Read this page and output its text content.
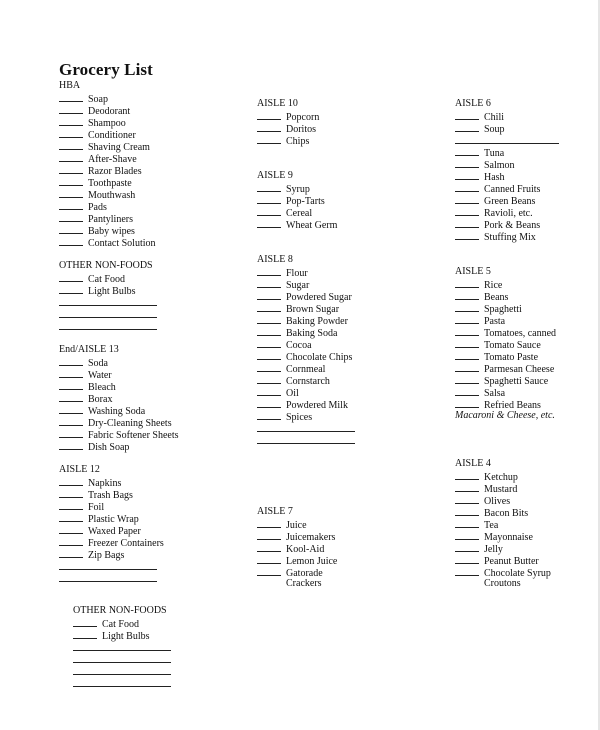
Grocery List
HBA
Soap
Deodorant
Shampoo
Conditioner
Shaving Cream
After-Shave
Razor Blades
Toothpaste
Mouthwash
Pads
Pantyliners
Baby wipes
Contact Solution
OTHER NON-FOODS
Cat Food
Light Bulbs
End/AISLE 13
Soda
Water
Bleach
Borax
Washing Soda
Dry-Cleaning Sheets
Fabric Softener Sheets
Dish Soap
AISLE 12
Napkins
Trash Bags
Foil
Plastic Wrap
Waxed Paper
Freezer Containers
Zip Bags
OTHER NON-FOODS
Cat Food
Light Bulbs
AISLE 10
Popcorn
Doritos
Chips
AISLE 9
Syrup
Pop-Tarts
Cereal
Wheat Germ
AISLE 8
Flour
Sugar
Powdered Sugar
Brown Sugar
Baking Powder
Baking Soda
Cocoa
Chocolate Chips
Cornmeal
Cornstarch
Oil
Powdered Milk
Spices
AISLE 7
Juice
Juicemakers
Kool-Aid
Lemon Juice
Gatorade
Crackers
AISLE 6
Chili
Soup
Tuna
Salmon
Hash
Canned Fruits
Green Beans
Ravioli, etc.
Pork & Beans
Stuffing Mix
AISLE 5
Rice
Beans
Spaghetti
Pasta
Tomatoes, canned
Tomato Sauce
Tomato Paste
Parmesan Cheese
Spaghetti Sauce
Salsa
Refried Beans
Macaroni & Cheese, etc.
AISLE 4
Ketchup
Mustard
Olives
Bacon Bits
Tea
Mayonnaise
Jelly
Peanut Butter
Chocolate Syrup
Croutons
